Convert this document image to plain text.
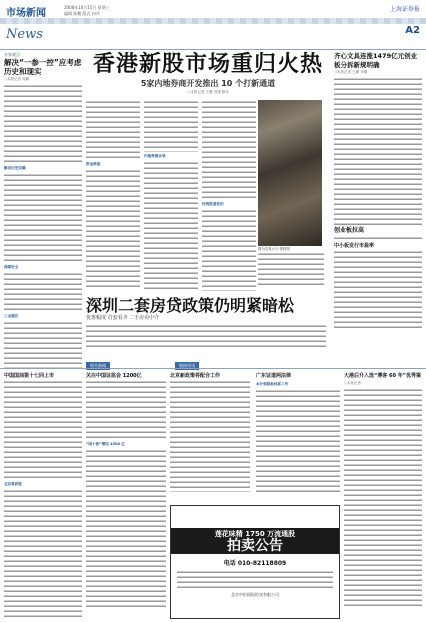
市场新闻
News
2008年10月15日 星期三
编辑 陈鹏 版式 何丹
上海证券报
A2
专家观点
解决“一参一控”应考虑历史和现实
○本报记者 周鹏
解决历史问题
保障安全
三点建议
香港新股市场重归火热
5家内地券商开发推出 10 个打新通道
○本报记者 王薇 刘建 陈东
资金准备
内地券商乐享
传统渠道依旧
图为交易大厅 资料图
齐心文具连涨1479亿元创业板分拆新规明确
○本报记者 王鹏 李琳
创业板拉高
中小板发行市盈率
深圳二套房贷政策仍明紧暗松
优惠幅度 首套看齐 二手房看中介
相关新闻	链接资讯
中国国油第十七回上市
北京将获批
关注中国证监会 1200亿
“国十条”增加 1500 亿
北京新政策将配合工作	广东证道两法律
本计划指标体系工作
大港后升入选“博客 60 年”优秀案
○本报记者
莲花味精 1750 万流通股
拍卖公告
电话 010-82118809
北京中拍国际拍卖有限公司
